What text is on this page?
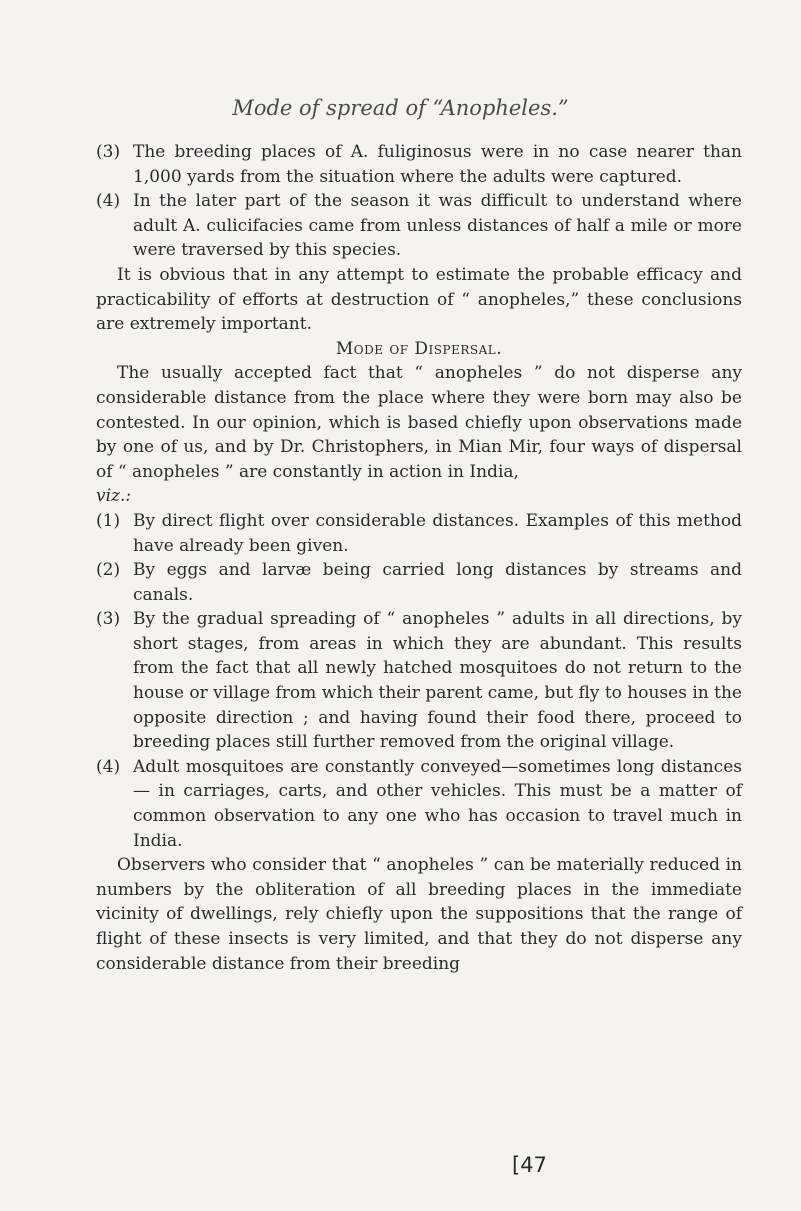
Mode of spread of “Anopheles.”
(3) The breeding places of A. fuliginosus were in no case nearer than 1,000 yards from the situation where the adults were captured.
(4) In the later part of the season it was difficult to understand where adult A. culicifacies came from unless distances of half a mile or more were traversed by this species.

It is obvious that in any attempt to estimate the probable efficacy and practicability of efforts at destruction of “ anopheles,” these conclusions are extremely important.

Mode of Dispersal.

The usually accepted fact that “ anopheles ” do not disperse any considerable distance from the place where they were born may also be contested. In our opinion, which is based chiefly upon observations made by one of us, and by Dr. Christophers, in Mian Mir, four ways of dispersal of “ anopheles ” are constantly in action in India,

viz.:

(1) By direct flight over considerable distances. Examples of this method have already been given.
(2) By eggs and larvæ being carried long distances by streams and canals.
(3) By the gradual spreading of “ anopheles ” adults in all directions, by short stages, from areas in which they are abundant. This results from the fact that all newly hatched mosquitoes do not return to the house or village from which their parent came, but fly to houses in the opposite direction ; and having found their food there, proceed to breeding places still further removed from the original village.
(4) Adult mosquitoes are constantly conveyed—sometimes long distances— in carriages, carts, and other vehicles. This must be a matter of common observation to any one who has occasion to travel much in India.

Observers who consider that “ anopheles ” can be materially reduced in numbers by the obliteration of all breeding places in the immediate vicinity of dwellings, rely chiefly upon the suppositions that the range of flight of these insects is very limited, and that they do not disperse any considerable distance from their breeding

[47
